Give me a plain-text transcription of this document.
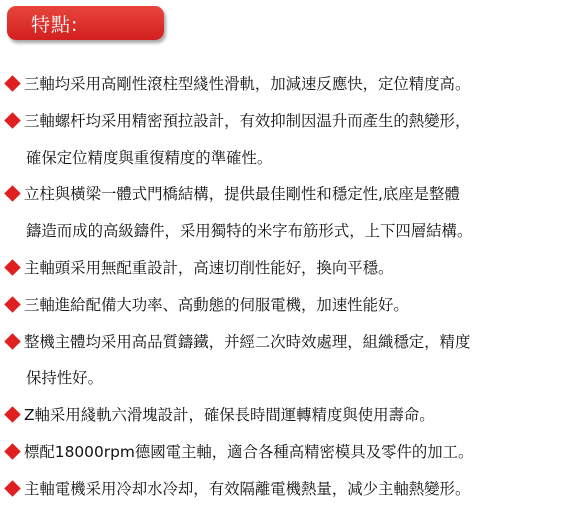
特點:
三軸均采用高剛性滾柱型綫性滑軌，加減速反應快，定位精度高。
三軸螺杆均采用精密預拉設計，有效抑制因温升而產生的熱變形，
確保定位精度與重復精度的準確性。
立柱與橫梁一體式門橋結構，提供最佳剛性和穩定性,底座是整體
鑄造而成的高級鑄件，采用獨特的米字布筋形式，上下四層結構。
主軸頭采用無配重設計，高速切削性能好，換向平穩。
三軸進給配備大功率、高動態的伺服電機，加速性能好。
整機主體均采用高品質鑄鐵，并經二次時效處理，組織穩定，精度
保持性好。
Z軸采用綫軌六滑塊設計，確保長時間運轉精度與使用壽命。
標配18000rpm德國電主軸，適合各種高精密模具及零件的加工。
主軸電機采用冷却水冷却，有效隔離電機熱量，减少主軸熱變形。
